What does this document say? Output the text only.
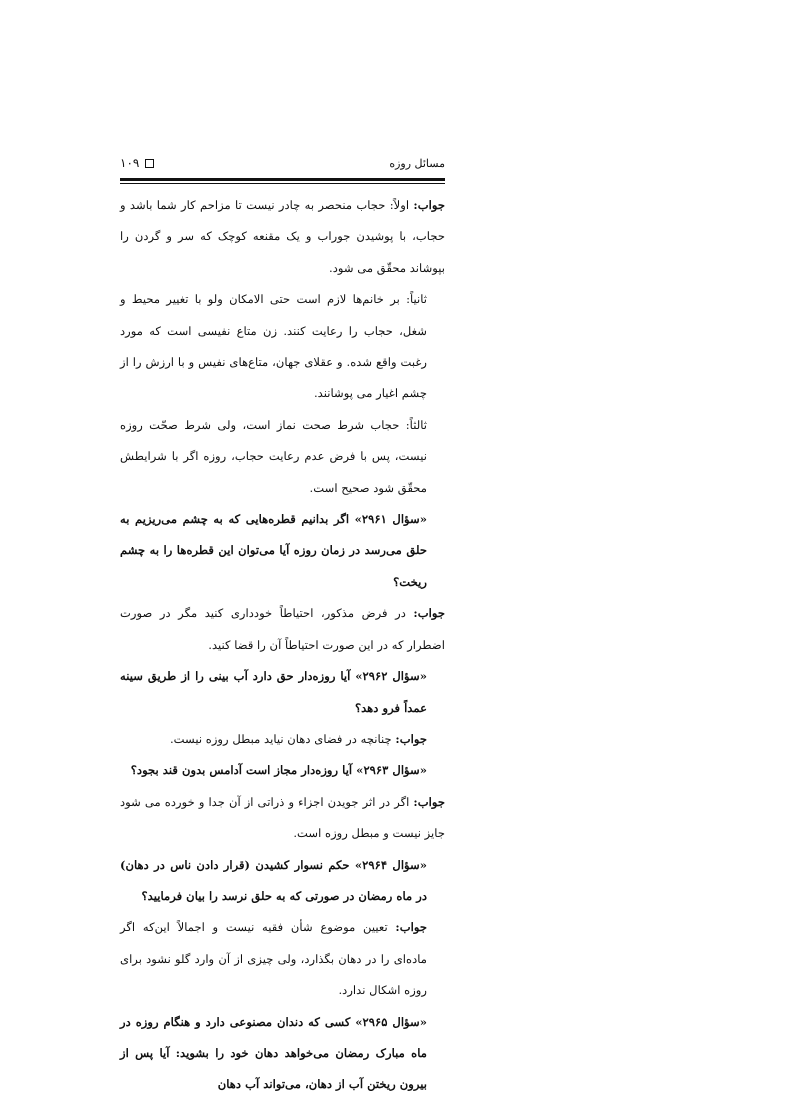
مسائل روزه
۱۰۹

جواب: اولاً: حجاب منحصر به چادر نیست تا مزاحم کار شما باشد و حجاب، با پوشیدن جوراب و یک مقنعه کوچک که سر و گردن را بپوشاند محقّق می شود.

ثانیاً: بر خانم‌ها لازم است حتی الامکان ولو با تغییر محیط و شغل، حجاب را رعایت کنند. زن متاع نفیسی است که مورد رغبت واقع شده. و عقلای جهان، متاع‌های نفیس و با ارزش را از چشم اغیار می پوشانند.

ثالثاً: حجاب شرط صحت نماز است، ولی شرط صحّت روزه نیست، پس با فرض عدم رعایت حجاب، روزه اگر با شرایطش محقّق شود صحیح است.

«سؤال ۲۹۶۱» اگر بدانیم قطره‌هایی که به چشم می‌ریزیم به حلق می‌رسد در زمان روزه آیا می‌توان این قطره‌ها را به چشم ریخت؟

جواب: در فرض مذکور، احتیاطاً خودداری کنید مگر در صورت اضطرار که در این صورت احتیاطاً آن را قضا کنید.

«سؤال ۲۹۶۲» آیا روزه‌دار حق دارد آب بینی را از طریق سینه عمداً فرو دهد؟

جواب: چنانچه در فضای دهان نیاید مبطل روزه نیست.

«سؤال ۲۹۶۳» آیا روزه‌دار مجاز است آدامس بدون قند بجود؟

جواب: اگر در اثر جویدن اجزاء و ذراتی از آن جدا و خورده می شود جایز نیست و مبطل روزه است.

«سؤال ۲۹۶۴» حکم نسوار کشیدن (قرار دادن ناس در دهان) در ماه رمضان در صورتی که به حلق نرسد را بیان فرمایید؟

جواب: تعیین موضوع شأن فقیه نیست و اجمالاً این‌که اگر ماده‌ای را در دهان بگذارد، ولی چیزی از آن وارد گلو نشود برای روزه اشکال ندارد.

«سؤال ۲۹۶۵» کسی که دندان مصنوعی دارد و هنگام روزه در ماه مبارک رمضان می‌خواهد دهان خود را بشوید: آیا پس از بیرون ریختن آب از دهان، می‌تواند آب دهان
